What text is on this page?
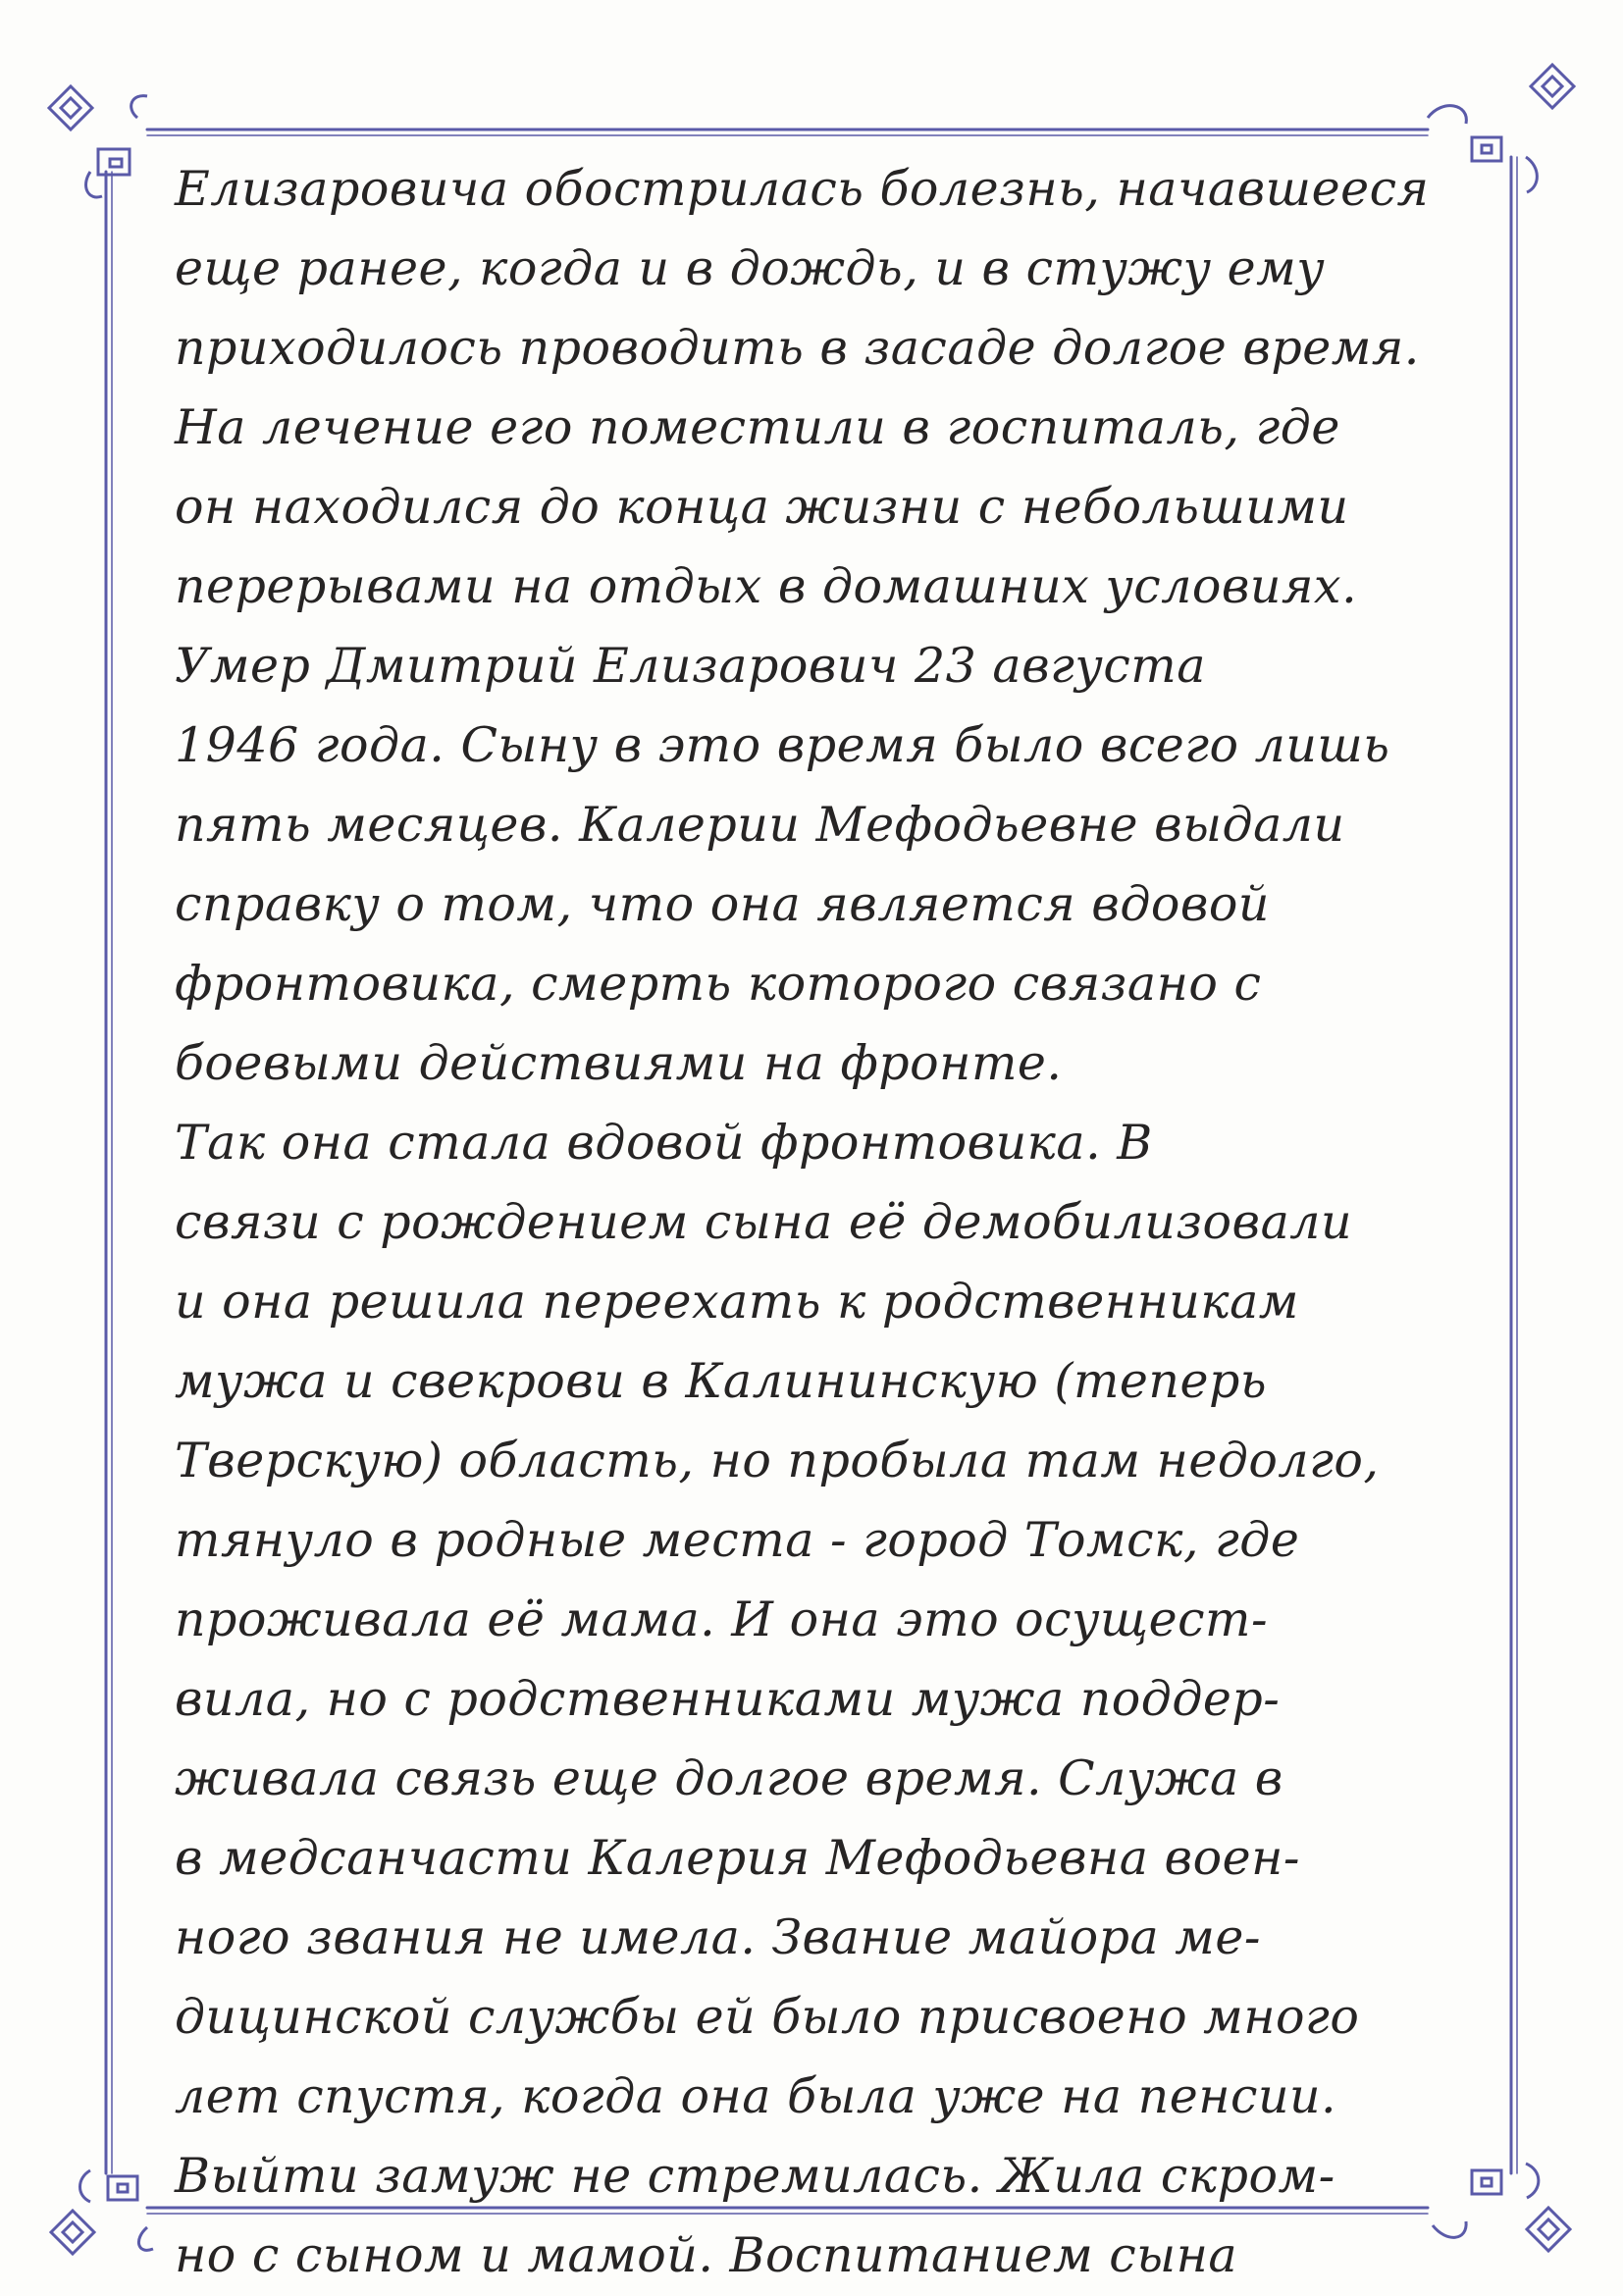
Елизаровича обострилась болезнь, начавшееся
еще ранее, когда и в дождь, и в стужу ему
приходилось проводить в засаде долгое время.
На лечение его поместили в госпиталь, где
он находился до конца жизни с небольшими
перерывами на отдых в домашних условиях.
Умер Дмитрий Елизарович 23 августа
1946 года. Сыну в это время было всего лишь
пять месяцев. Калерии Мефодьевне выдали
справку о том, что она является вдовой
фронтовика, смерть которого связано с
боевыми действиями на фронте.
Так она стала вдовой фронтовика. В
связи с рождением сына её демобилизовали
и она решила переехать к родственникам
мужа и свекрови в Калининскую (теперь
Тверскую) область, но пробыла там недолго,
тянуло в родные места - город Томск, где
проживала её мама. И она это осущест-
вила, но с родственниками мужа поддер-
живала связь еще долгое время. Служа в
в медсанчасти Калерия Мефодьевна воен-
ного звания не имела. Звание майора ме-
дицинской службы ей было присвоено много
лет спустя, когда она была уже на пенсии.
Выйти замуж не стремилась. Жила скром-
но с сыном и мамой. Воспитанием сына
